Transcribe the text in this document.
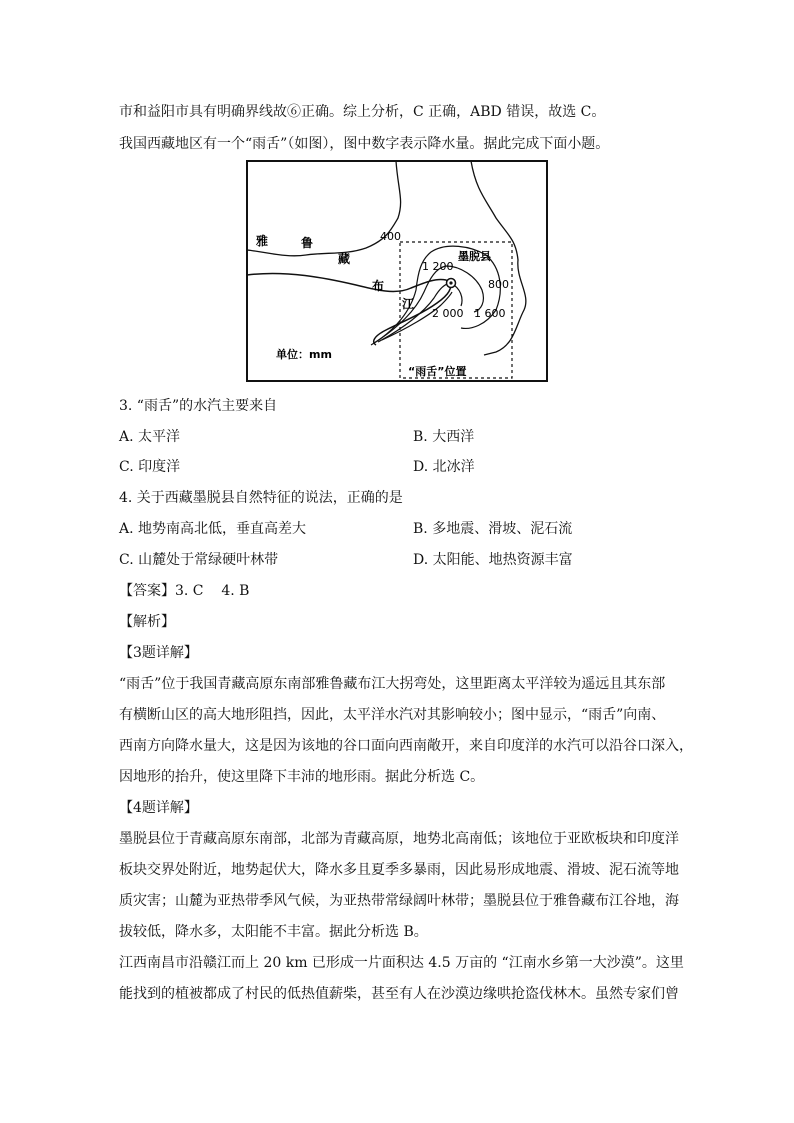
市和益阳市具有明确界线故⑥正确。综上分析，C 正确，ABD 错误，故选 C。
我国西藏地区有一个“雨舌”（如图），图中数字表示降水量。据此完成下面小题。
400
1 200
墨脱县
800
2 000 1 600
雅	鲁
藏
布
江
单位：mm
“雨舌”位置
3. “雨舌”的水汽主要来自
A. 太平洋	B. 大西洋
C. 印度洋	D. 北冰洋
4. 关于西藏墨脱县自然特征的说法，正确的是
A. 地势南高北低，垂直高差大	B. 多地震、滑坡、泥石流
C. 山麓处于常绿硬叶林带	D. 太阳能、地热资源丰富
【答案】3. C    4. B
【解析】
【3题详解】
“雨舌”位于我国青藏高原东南部雅鲁藏布江大拐弯处，这里距离太平洋较为遥远且其东部
有横断山区的高大地形阻挡，因此，太平洋水汽对其影响较小；图中显示，“雨舌”向南、
西南方向降水量大，这是因为该地的谷口面向西南敞开，来自印度洋的水汽可以沿谷口深入，
因地形的抬升，使这里降下丰沛的地形雨。据此分析选 C。
【4题详解】
墨脱县位于青藏高原东南部，北部为青藏高原，地势北高南低；该地位于亚欧板块和印度洋
板块交界处附近，地势起伏大，降水多且夏季多暴雨，因此易形成地震、滑坡、泥石流等地
质灾害；山麓为亚热带季风气候，为亚热带常绿阔叶林带；墨脱县位于雅鲁藏布江谷地，海
拔较低，降水多，太阳能不丰富。据此分析选 B。
江西南昌市沿赣江而上 20 km 已形成一片面积达 4.5 万亩的 “江南水乡第一大沙漠”。这里
能找到的植被都成了村民的低热值薪柴，甚至有人在沙漠边缘哄抢盗伐林木。虽然专家们曾
